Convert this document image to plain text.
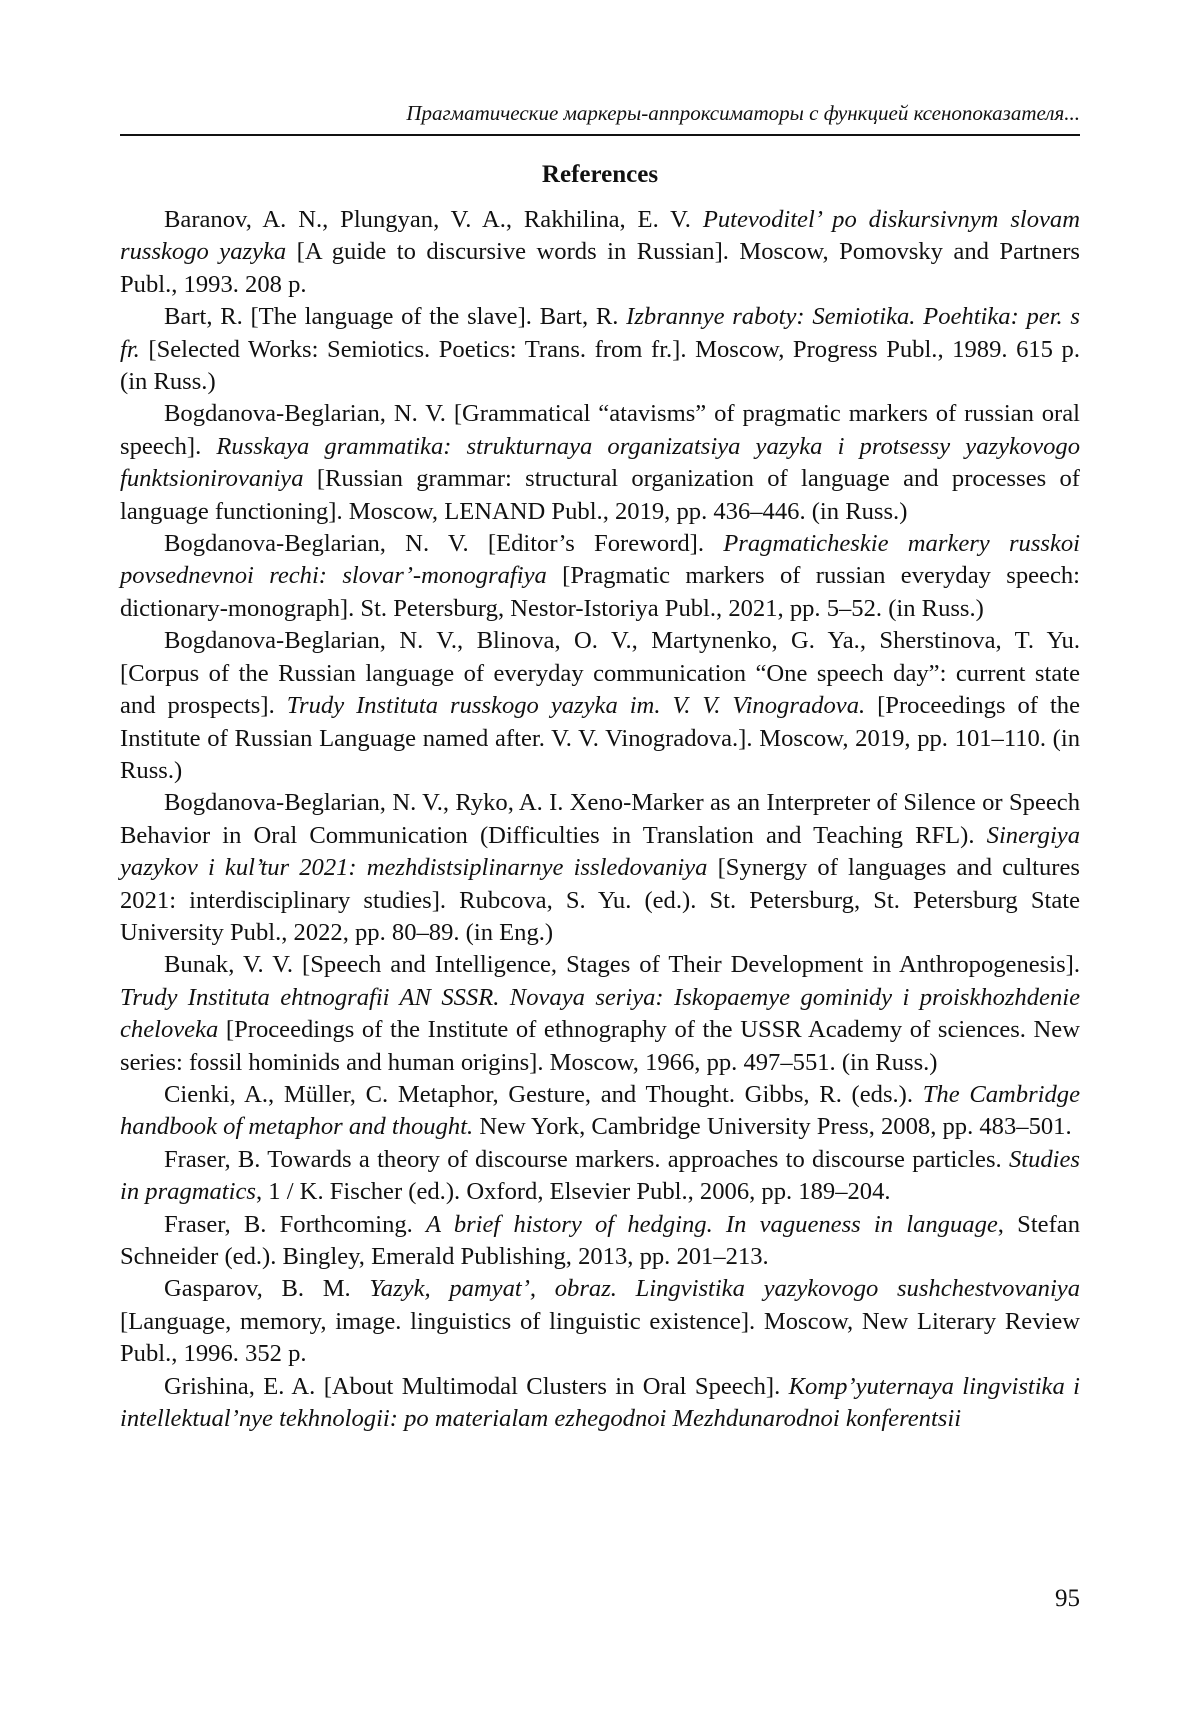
Прагматические маркеры-аппроксиматоры с функцией ксенопоказателя...
References

Baranov, A. N., Plungyan, V. A., Rakhilina, E. V. Putevoditel’ po diskursivnym slovam russkogo yazyka [A guide to discursive words in Russian]. Moscow, Pomovsky and Partners Publ., 1993. 208 p.

Bart, R. [The language of the slave]. Bart, R. Izbrannye raboty: Semiotika. Poehtika: per. s fr. [Selected Works: Semiotics. Poetics: Trans. from fr.]. Moscow, Progress Publ., 1989. 615 p. (in Russ.)

Bogdanova-Beglarian, N. V. [Grammatical “atavisms” of pragmatic markers of russian oral speech]. Russkaya grammatika: strukturnaya organizatsiya yazyka i protsessy yazykovogo funktsionirovaniya [Russian grammar: structural organization of language and processes of language functioning]. Moscow, LENAND Publ., 2019, pp. 436–446. (in Russ.)

Bogdanova-Beglarian, N. V. [Editor’s Foreword]. Pragmaticheskie markery russkoi povsednevnoi rechi: slovar’-monografiya [Pragmatic markers of russian everyday speech: dictionary-monograph]. St. Petersburg, Nestor-Istoriya Publ., 2021, pp. 5–52. (in Russ.)

Bogdanova-Beglarian, N. V., Blinova, O. V., Martynenko, G. Ya., Sherstinova, T. Yu. [Corpus of the Russian language of everyday communication “One speech day”: current state and prospects]. Trudy Instituta russkogo yazyka im. V. V. Vinogradova. [Proceedings of the Institute of Russian Language named after. V. V. Vinogradova.]. Moscow, 2019, pp. 101–110. (in Russ.)

Bogdanova-Beglarian, N. V., Ryko, A. I. Xeno-Marker as an Interpreter of Silence or Speech Behavior in Oral Communication (Difficulties in Translation and Teaching RFL). Sinergiya yazykov i kul’tur 2021: mezhdistsiplinarnye issledovaniya [Synergy of languages and cultures 2021: interdisciplinary studies]. Rubcova, S. Yu. (ed.). St. Petersburg, St. Petersburg State University Publ., 2022, pp. 80–89. (in Eng.)

Bunak, V. V. [Speech and Intelligence, Stages of Their Development in Anthropogenesis]. Trudy Instituta ehtnografii AN SSSR. Novaya seriya: Iskopaemye gominidy i proiskhozhdenie cheloveka [Proceedings of the Institute of ethnography of the USSR Academy of sciences. New series: fossil hominids and human origins]. Moscow, 1966, pp. 497–551. (in Russ.)

Cienki, A., Müller, C. Metaphor, Gesture, and Thought. Gibbs, R. (eds.). The Cambridge handbook of metaphor and thought. New York, Cambridge University Press, 2008, pp. 483–501.

Fraser, B. Towards a theory of discourse markers. approaches to discourse particles. Studies in pragmatics, 1 / K. Fischer (ed.). Oxford, Elsevier Publ., 2006, pp. 189–204.

Fraser, B. Forthcoming. A brief history of hedging. In vagueness in language, Stefan Schneider (ed.). Bingley, Emerald Publishing, 2013, pp. 201–213.

Gasparov, B. M. Yazyk, pamyat’, obraz. Lingvistika yazykovogo sushchestvovaniya [Language, memory, image. linguistics of linguistic existence]. Moscow, New Literary Review Publ., 1996. 352 p.

Grishina, E. A. [About Multimodal Clusters in Oral Speech]. Komp’yuternaya lingvistika i intellektual’nye tekhnologii: po materialam ezhegodnoi Mezhdunarodnoi konferentsii

95
